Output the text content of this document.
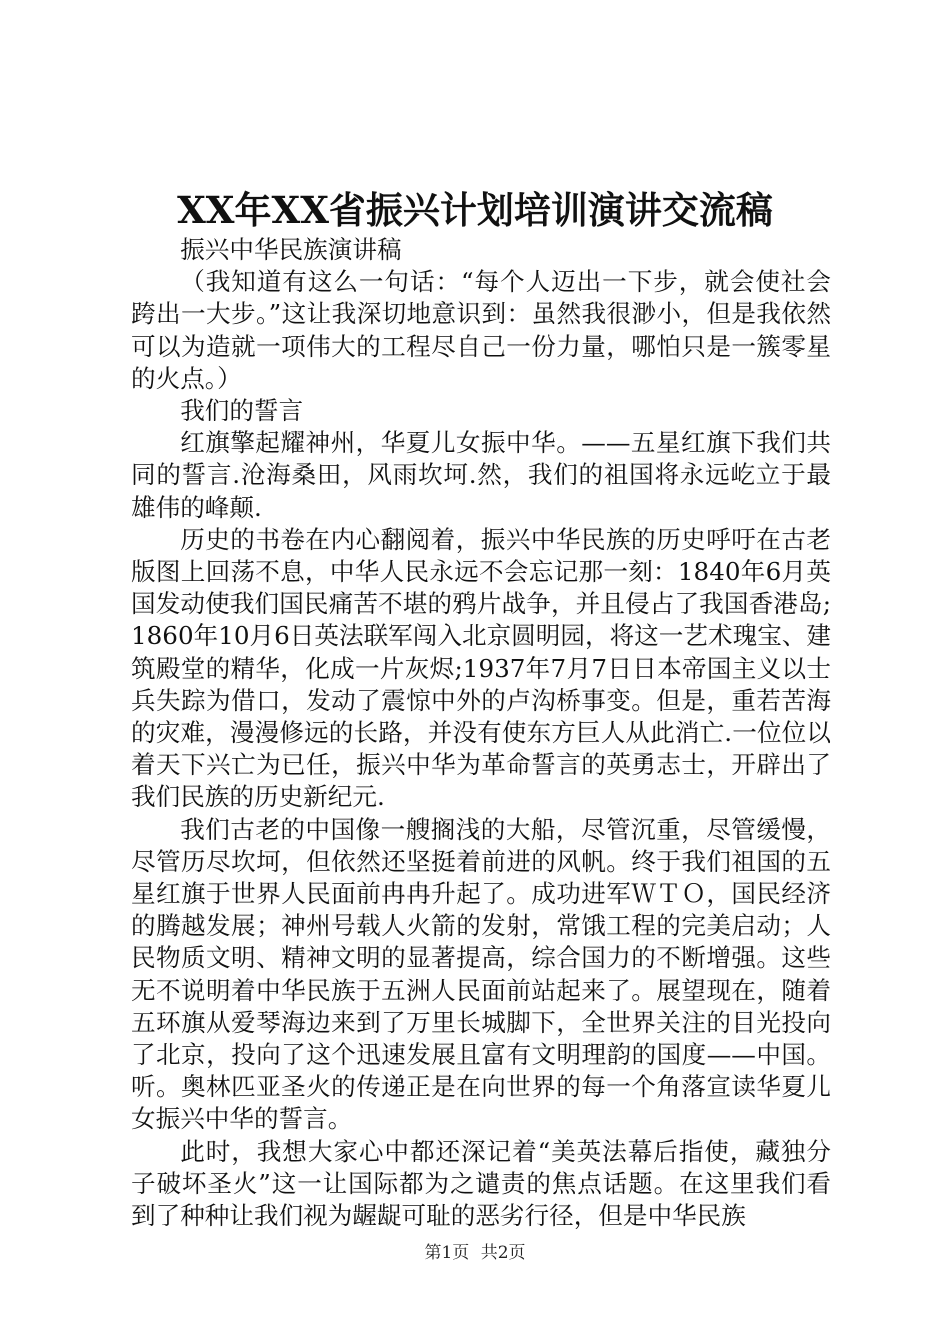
XX年XX省振兴计划培训演讲交流稿

振兴中华民族演讲稿

（我知道有这么一句话：“每个人迈出一下步，就会使社会跨出一大步。”这让我深切地意识到：虽然我很渺小，但是我依然可以为造就一项伟大的工程尽自己一份力量，哪怕只是一簇零星的火点。）

我们的誓言

红旗擎起耀神州，华夏儿女振中华。——五星红旗下我们共同的誓言.沧海桑田，风雨坎坷.然，我们的祖国将永远屹立于最雄伟的峰颠.

历史的书卷在内心翻阅着，振兴中华民族的历史呼吁在古老版图上回荡不息，中华人民永远不会忘记那一刻：1840年6月英国发动使我们国民痛苦不堪的鸦片战争，并且侵占了我国香港岛;1860年10月6日英法联军闯入北京圆明园，将这一艺术瑰宝、建筑殿堂的精华，化成一片灰烬;1937年7月7日日本帝国主义以士兵失踪为借口，发动了震惊中外的卢沟桥事变。但是，重若苦海的灾难，漫漫修远的长路，并没有使东方巨人从此消亡.一位位以着天下兴亡为已任，振兴中华为革命誓言的英勇志士，开辟出了我们民族的历史新纪元.

我们古老的中国像一艘搁浅的大船，尽管沉重，尽管缓慢，尽管历尽坎坷，但依然还坚挺着前进的风帆。终于我们祖国的五星红旗于世界人民面前冉冉升起了。成功进军ＷＴＯ，国民经济的腾越发展；神州号载人火箭的发射，常饿工程的完美启动；人民物质文明、精神文明的显著提高，综合国力的不断增强。这些无不说明着中华民族于五洲人民面前站起来了。展望现在，随着五环旗从爱琴海边来到了万里长城脚下，全世界关注的目光投向了北京，投向了这个迅速发展且富有文明理韵的国度——中国。听。奥林匹亚圣火的传递正是在向世界的每一个角落宣读华夏儿女振兴中华的誓言。

此时，我想大家心中都还深记着“美英法幕后指使，藏独分子破坏圣火”这一让国际都为之谴责的焦点话题。在这里我们看到了种种让我们视为龌龊可耻的恶劣行径，但是中华民族

第1页 共2页
